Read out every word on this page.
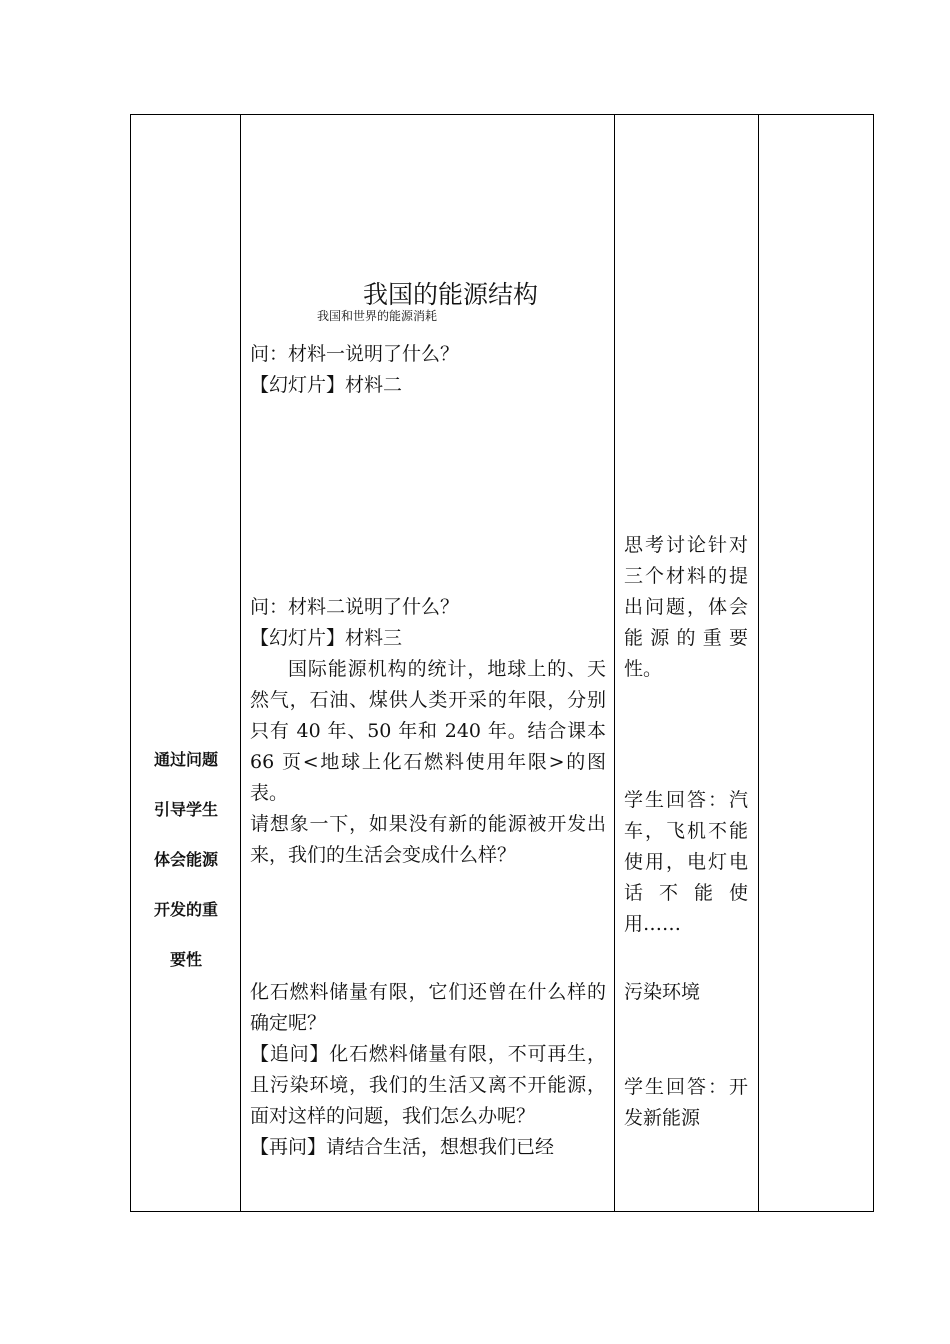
通过问题
引导学生
体会能源
开发的重
要性
我国的能源结构
我国和世界的能源消耗

问：材料一说明了什么？

【幻灯片】材料二

问：材料二说明了什么？

【幻灯片】材料三

国际能源机构的统计，地球上的、天然气，石油、煤供人类开采的年限，分别只有 40 年、50 年和 240 年。结合课本 66 页<地球上化石燃料使用年限>的图表。

请想象一下，如果没有新的能源被开发出来，我们的生活会变成什么样？

化石燃料储量有限，它们还曾在什么样的确定呢？

【追问】化石燃料储量有限，不可再生，且污染环境，我们的生活又离不开能源，面对这样的问题，我们怎么办呢？

【再问】请结合生活，想想我们已经

思考讨论针对三个材料的提出问题，体会能源的重要性。

学生回答：汽车，飞机不能使用，电灯电话 不 能 使用……

污染环境

学生回答：开发新能源
